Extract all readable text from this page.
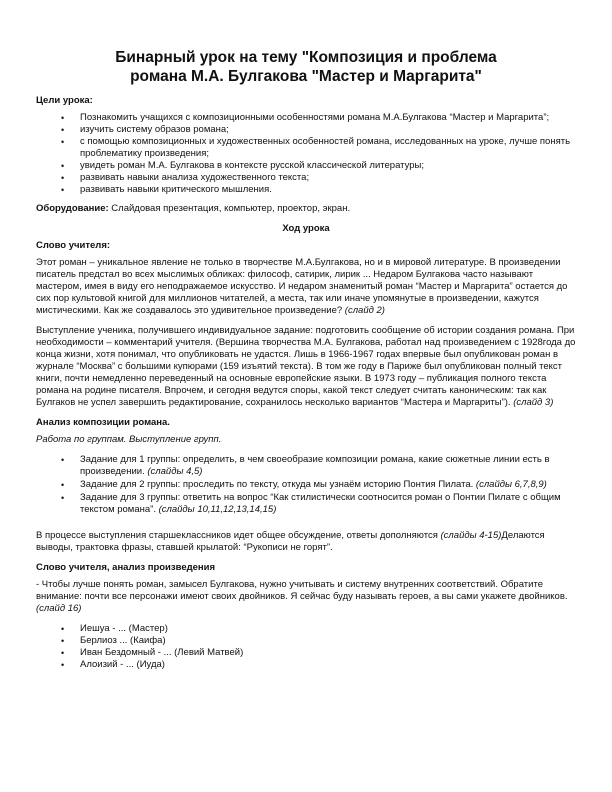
Бинарный урок на тему "Композиция и проблема
романа М.А. Булгакова "Мастер и Маргарита"
Цели урока:
• Познакомить учащихся с композиционными особенностями романа М.А.Булгакова “Мастер и Маргарита”;
• изучить систему образов романа;
• с помощью композиционных и художественных особенностей романа, исследованных на уроке, лучше понять проблематику произведения;
• увидеть роман М.А. Булгакова в контексте русской классической литературы;
• развивать навыки анализа художественного текста;
• развивать навыки критического мышления.

Оборудование: Слайдовая презентация, компьютер, проектор, экран.

Ход урока
Слово учителя:

Этот роман – уникальное явление не только в творчестве М.А.Булгакова, но и в мировой литературе. В произведении писатель предстал во всех мыслимых обликах: философ, сатирик, лирик ... Недаром Булгакова часто называют мастером, имея в виду его неподражаемое искусство. И недаром знаменитый роман “Мастер и Маргарита” остается до сих пор культовой книгой для миллионов читателей, а места, так или иначе упомянутые в произведении, кажутся мистическими. Как же создавалось это удивительное произведение? (слайд 2)

Выступление ученика, получившего индивидуальное задание: подготовить сообщение об истории создания романа. При необходимости – комментарий учителя. (Вершина творчества М.А. Булгакова, работал над произведением с 1928года до конца жизни, хотя понимал, что опубликовать не удастся. Лишь в 1966-1967 годах впервые был опубликован роман в журнале “Москва” с большими купюрами (159 изъятий текста). В том же году в Париже был опубликован полный текст книги, почти немедленно переведенный на основные европейские языки. В 1973 году – публикация полного текста романа на родине писателя. Впрочем, и сегодня ведутся споры, какой текст следует считать каноническим: так как Булгаков не успел завершить редактирование, сохранилось несколько вариантов “Мастера и Маргариты”). (слайд 3)

Анализ композиции романа.

Работа по группам. Выступление групп.

• Задание для 1 группы: определить, в чем своеобразие композиции романа, какие сюжетные линии есть в произведении. (слайды 4,5)
• Задание для 2 группы: проследить по тексту, откуда мы узнаём историю Понтия Пилата. (слайды 6,7,8,9)
• Задание для 3 группы: ответить на вопрос “Как стилистически соотносится роман о Понтии Пилате с общим текстом романа”. (слайды 10,11,12,13,14,15)

В процессе выступления старшеклассников идет общее обсуждение, ответы дополняются (слайды 4-15)Делаются выводы, трактовка фразы, ставшей крылатой: “Рукописи не горят”.

Слово учителя, анализ произведения

- Чтобы лучше понять роман, замысел Булгакова, нужно учитывать и систему внутренних соответствий. Обратите внимание: почти все персонажи имеют своих двойников. Я сейчас буду называть героев, а вы сами укажете двойников. (слайд 16)

• Иешуа - ... (Мастер)
• Берлиоз ... (Каифа)
• Иван Бездомный - ... (Левий Матвей)
• Алоизий - ... (Иуда)
